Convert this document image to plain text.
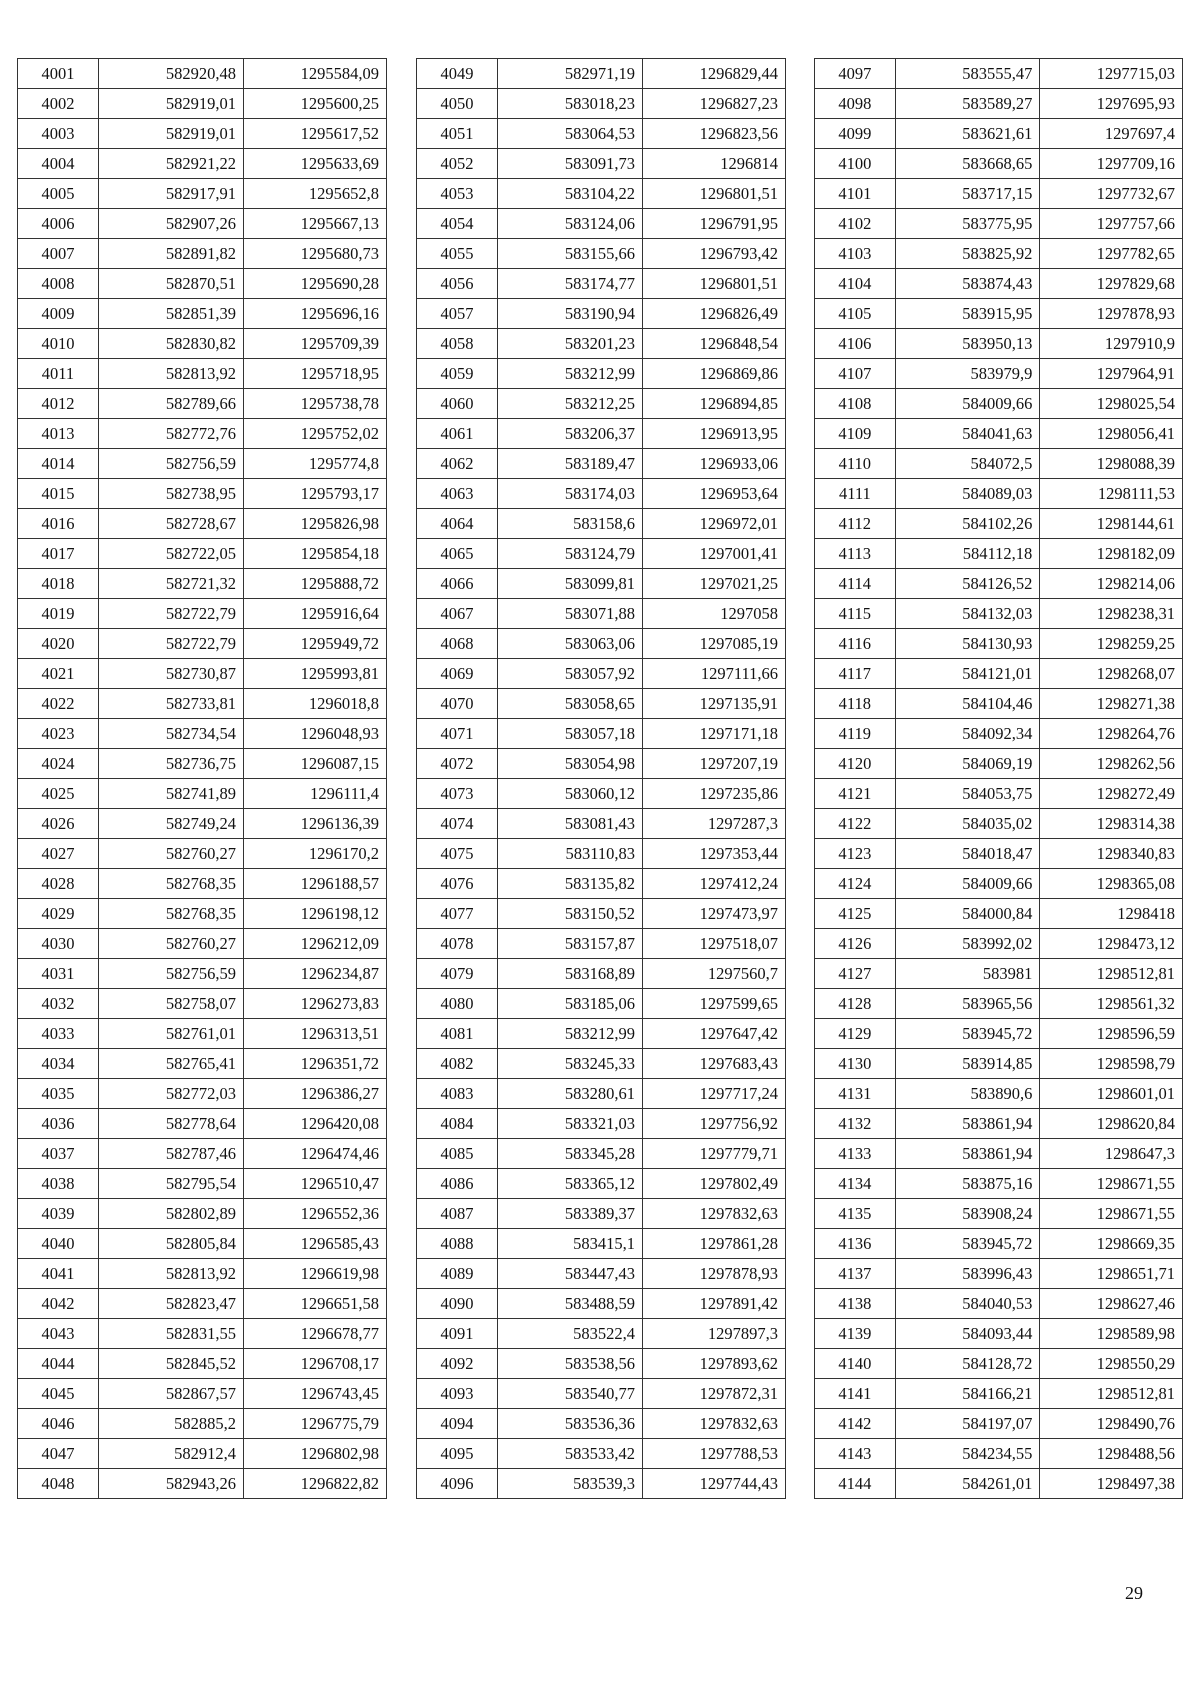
4001	582920,48	1295584,09
4002	582919,01	1295600,25
4003	582919,01	1295617,52
4004	582921,22	1295633,69
4005	582917,91	1295652,8
4006	582907,26	1295667,13
4007	582891,82	1295680,73
4008	582870,51	1295690,28
4009	582851,39	1295696,16
4010	582830,82	1295709,39
4011	582813,92	1295718,95
4012	582789,66	1295738,78
4013	582772,76	1295752,02
4014	582756,59	1295774,8
4015	582738,95	1295793,17
4016	582728,67	1295826,98
4017	582722,05	1295854,18
4018	582721,32	1295888,72
4019	582722,79	1295916,64
4020	582722,79	1295949,72
4021	582730,87	1295993,81
4022	582733,81	1296018,8
4023	582734,54	1296048,93
4024	582736,75	1296087,15
4025	582741,89	1296111,4
4026	582749,24	1296136,39
4027	582760,27	1296170,2
4028	582768,35	1296188,57
4029	582768,35	1296198,12
4030	582760,27	1296212,09
4031	582756,59	1296234,87
4032	582758,07	1296273,83
4033	582761,01	1296313,51
4034	582765,41	1296351,72
4035	582772,03	1296386,27
4036	582778,64	1296420,08
4037	582787,46	1296474,46
4038	582795,54	1296510,47
4039	582802,89	1296552,36
4040	582805,84	1296585,43
4041	582813,92	1296619,98
4042	582823,47	1296651,58
4043	582831,55	1296678,77
4044	582845,52	1296708,17
4045	582867,57	1296743,45
4046	582885,2	1296775,79
4047	582912,4	1296802,98
4048	582943,26	1296822,82
4049	582971,19	1296829,44
4050	583018,23	1296827,23
4051	583064,53	1296823,56
4052	583091,73	1296814
4053	583104,22	1296801,51
4054	583124,06	1296791,95
4055	583155,66	1296793,42
4056	583174,77	1296801,51
4057	583190,94	1296826,49
4058	583201,23	1296848,54
4059	583212,99	1296869,86
4060	583212,25	1296894,85
4061	583206,37	1296913,95
4062	583189,47	1296933,06
4063	583174,03	1296953,64
4064	583158,6	1296972,01
4065	583124,79	1297001,41
4066	583099,81	1297021,25
4067	583071,88	1297058
4068	583063,06	1297085,19
4069	583057,92	1297111,66
4070	583058,65	1297135,91
4071	583057,18	1297171,18
4072	583054,98	1297207,19
4073	583060,12	1297235,86
4074	583081,43	1297287,3
4075	583110,83	1297353,44
4076	583135,82	1297412,24
4077	583150,52	1297473,97
4078	583157,87	1297518,07
4079	583168,89	1297560,7
4080	583185,06	1297599,65
4081	583212,99	1297647,42
4082	583245,33	1297683,43
4083	583280,61	1297717,24
4084	583321,03	1297756,92
4085	583345,28	1297779,71
4086	583365,12	1297802,49
4087	583389,37	1297832,63
4088	583415,1	1297861,28
4089	583447,43	1297878,93
4090	583488,59	1297891,42
4091	583522,4	1297897,3
4092	583538,56	1297893,62
4093	583540,77	1297872,31
4094	583536,36	1297832,63
4095	583533,42	1297788,53
4096	583539,3	1297744,43
4097	583555,47	1297715,03
4098	583589,27	1297695,93
4099	583621,61	1297697,4
4100	583668,65	1297709,16
4101	583717,15	1297732,67
4102	583775,95	1297757,66
4103	583825,92	1297782,65
4104	583874,43	1297829,68
4105	583915,95	1297878,93
4106	583950,13	1297910,9
4107	583979,9	1297964,91
4108	584009,66	1298025,54
4109	584041,63	1298056,41
4110	584072,5	1298088,39
4111	584089,03	1298111,53
4112	584102,26	1298144,61
4113	584112,18	1298182,09
4114	584126,52	1298214,06
4115	584132,03	1298238,31
4116	584130,93	1298259,25
4117	584121,01	1298268,07
4118	584104,46	1298271,38
4119	584092,34	1298264,76
4120	584069,19	1298262,56
4121	584053,75	1298272,49
4122	584035,02	1298314,38
4123	584018,47	1298340,83
4124	584009,66	1298365,08
4125	584000,84	1298418
4126	583992,02	1298473,12
4127	583981	1298512,81
4128	583965,56	1298561,32
4129	583945,72	1298596,59
4130	583914,85	1298598,79
4131	583890,6	1298601,01
4132	583861,94	1298620,84
4133	583861,94	1298647,3
4134	583875,16	1298671,55
4135	583908,24	1298671,55
4136	583945,72	1298669,35
4137	583996,43	1298651,71
4138	584040,53	1298627,46
4139	584093,44	1298589,98
4140	584128,72	1298550,29
4141	584166,21	1298512,81
4142	584197,07	1298490,76
4143	584234,55	1298488,56
4144	584261,01	1298497,38
29
